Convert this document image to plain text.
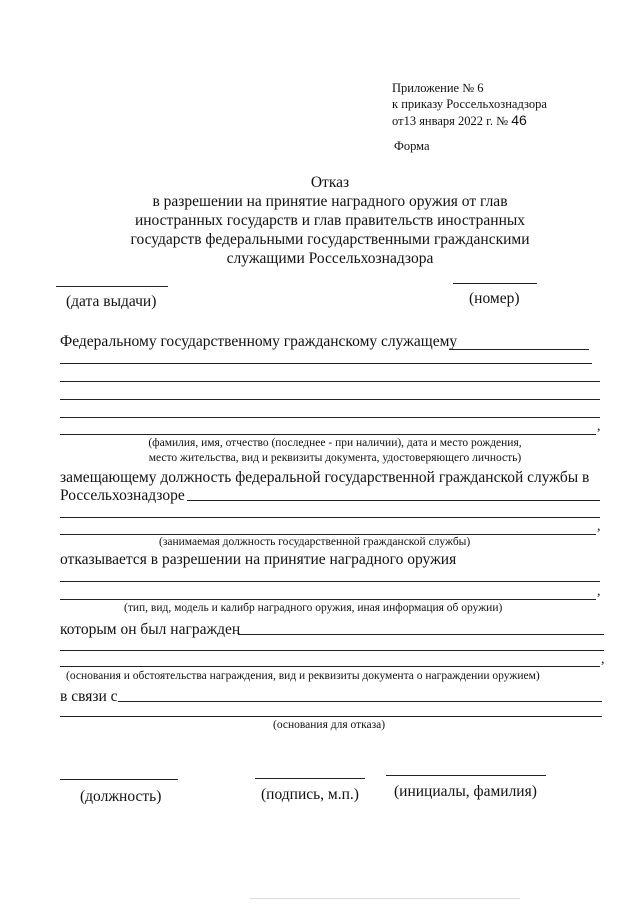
Приложение № 6
к приказу Россельхознадзора
от13 января 2022 г. № 46
Форма
Отказ
в разрешении на принятие наградного оружия от глав
иностранных государств и глав правительств иностранных
государств федеральными государственными гражданскими
служащими Россельхознадзора
(дата выдачи)	(номер)
Федеральному государственному гражданскому служащему
,
(фамилия, имя, отчество (последнее - при наличии), дата и место рождения,
место жительства, вид и реквизиты документа, удостоверяющего личность)
замещающему должность федеральной государственной гражданской службы в
Россельхознадзоре
,
(занимаемая должность государственной гражданской службы)
отказывается в разрешении на принятие наградного оружия
,
(тип, вид, модель и калибр наградного оружия, иная информация об оружии)
которым он был награжден
,
(основания и обстоятельства награждения, вид и реквизиты документа о награждении оружием)
в связи с
(основания для отказа)
(должность)	(подпись, м.п.) (инициалы, фамилия)
